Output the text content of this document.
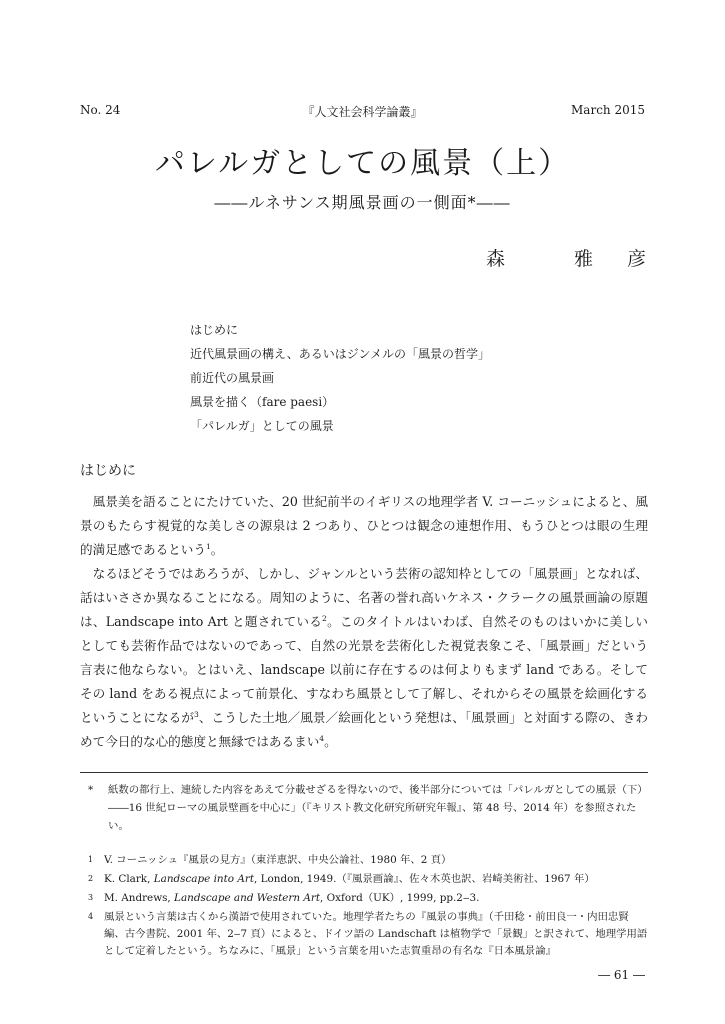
No. 24	『人文社会科学論叢』	March 2015
パレルガとしての風景（上）
――ルネサンス期風景画の一側面*――
森	雅 彦
はじめに
近代風景画の構え、あるいはジンメルの「風景の哲学」
前近代の風景画
風景を描く（fare paesi）
「パレルガ」としての風景
はじめに

風景美を語ることにたけていた、20 世紀前半のイギリスの地理学者 V. コーニッシュによると、風景のもたらす視覚的な美しさの源泉は 2 つあり、ひとつは観念の連想作用、もうひとつは眼の生理的満足感であるという$^1$。

なるほどそうではあろうが、しかし、ジャンルという芸術の認知枠としての「風景画」となれば、話はいささか異なることになる。周知のように、名著の誉れ高いケネス・クラークの風景画論の原題は、Landscape into Art と題されている$^2$。このタイトルはいわば、自然そのものはいかに美しいとしても芸術作品ではないのであって、自然の光景を芸術化した視覚表象こそ、「風景画」だという言表に他ならない。とはいえ、landscape 以前に存在するのは何よりもまず land である。そしてその land をある視点によって前景化、すなわち風景として了解し、それからその風景を絵画化するということになるが$^3$、こうした土地／風景／絵画化という発想は、「風景画」と対面する際の、きわめて今日的な心的態度と無縁ではあるまい$^4$。

* 紙数の都行上、連続した内容をあえて分載せざるを得ないので、後半部分については「パレルガとしての風景（下）――16 世紀ローマの風景壁画を中心に」（『キリスト教文化研究所研究年報』、第 48 号、2014 年）を参照されたい。
1 V. コーニッシュ『風景の見方』（東洋恵訳、中央公論社、1980 年、2 頁）
2 K. Clark, Landscape into Art, London, 1949.（『風景画論』、佐々木英也訳、岩崎美術社、1967 年）
3 M. Andrews, Landscape and Western Art, Oxford（UK）, 1999, pp.2‒3.
4 風景という言葉は古くから漢語で使用されていた。地理学者たちの『風景の事典』（千田稔・前田良一・内田忠賢編、古今書院、2001 年、2‒7 頁）によると、ドイツ語の Landschaft は植物学で「景観」と訳されて、地理学用語として定着したという。ちなみに、「風景」という言葉を用いた志賀重昂の有名な『日本風景論』
― 61 ―
